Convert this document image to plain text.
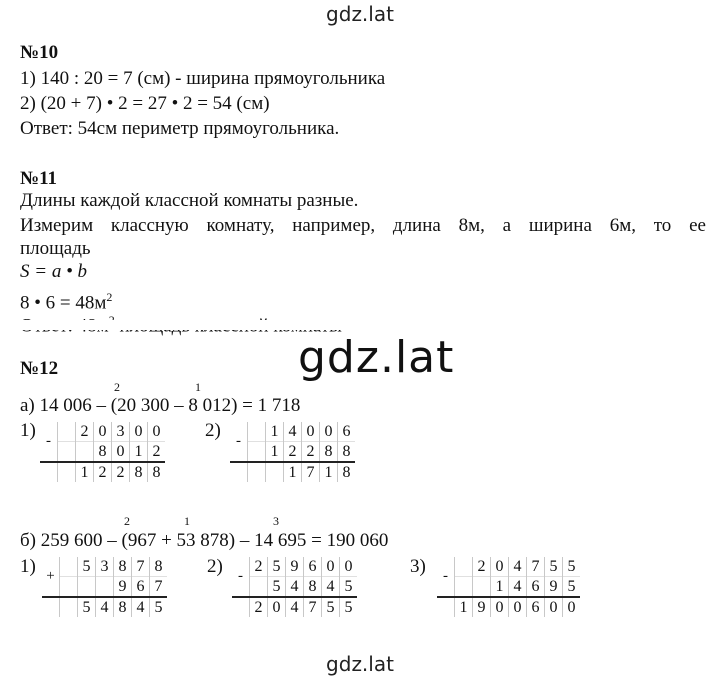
gdz.lat
№10
1) 140 : 20 = 7 (см) - ширина прямоугольника
2) (20 + 7) • 2 = 27 • 2 = 54 (см)
Ответ: 54см периметр прямоугольника.
№11
Длины каждой классной комнаты разные.
Измерим классную комнату, например, длина 8м, а ширина 6м, то ее
площадь
S = a • b
8 • $6 = 48м^2$
gdz.lat
№12
2	1
а) 14 006 – (20 300 – 8 012) = 1 718
1) -		2	0	3	0	0
			8	0	1	2
		1	2	2	8	8
2) -		1	4	0	0	6
		1	2	2	8	8
			1	7	1	8
2	1	3
б) 259 600 – (967 + 53 878) – 14 695 = 190 060
1) +		5	3	8	7	8
				9	6	7
		5	4	8	4	5
2) -	2	5	9	6	0	0
		5	4	8	4	5
	2	0	4	7	5	5
3) -		2	0	4	7	5	5
			1	4	6	9	5
	1	9	0	0	6	0	0
gdz.lat
